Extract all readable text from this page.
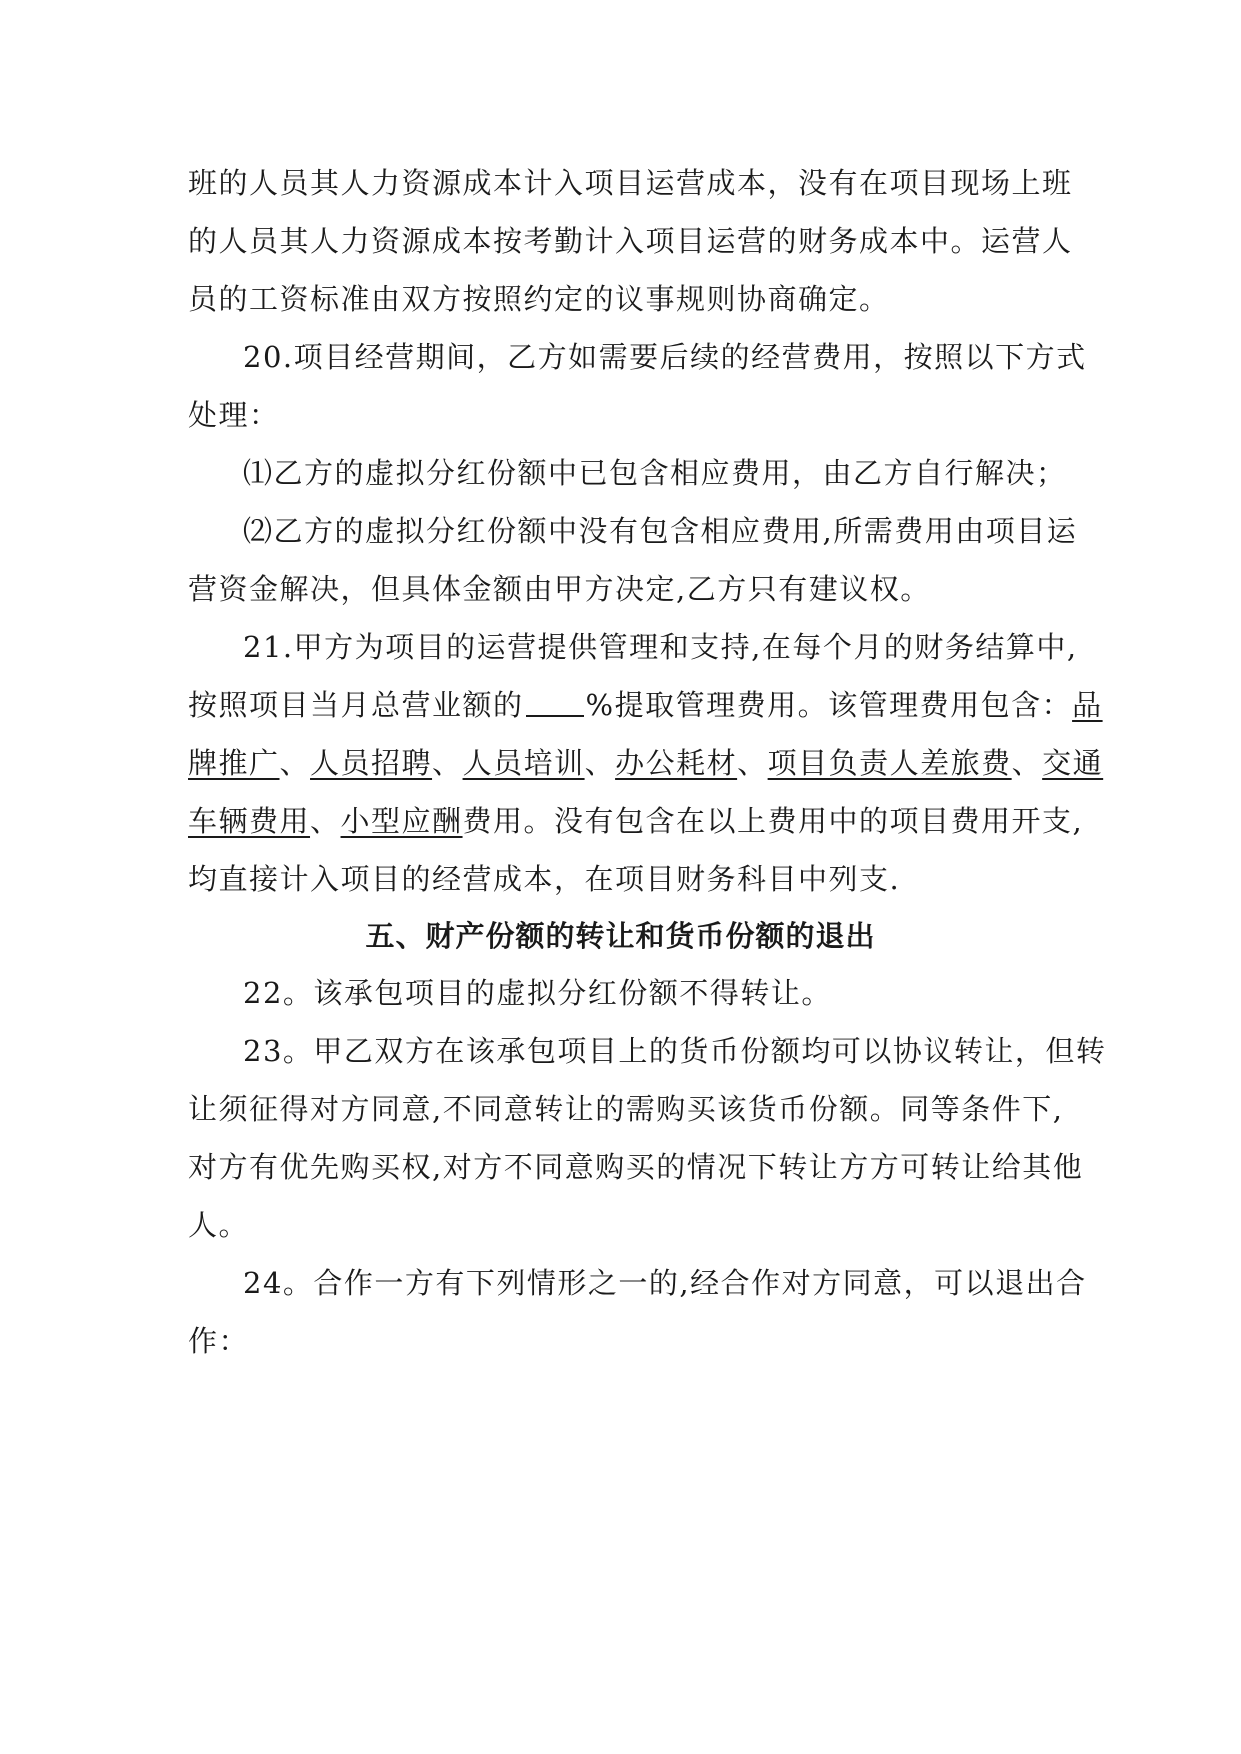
班的人员其人力资源成本计入项目运营成本，没有在项目现场上班
的人员其人力资源成本按考勤计入项目运营的财务成本中。运营人
员的工资标准由双方按照约定的议事规则协商确定。
20.项目经营期间，乙方如需要后续的经营费用，按照以下方式
处理：
⑴乙方的虚拟分红份额中已包含相应费用，由乙方自行解决；
⑵乙方的虚拟分红份额中没有包含相应费用,所需费用由项目运
营资金解决，但具体金额由甲方决定,乙方只有建议权。
21.甲方为项目的运营提供管理和支持,在每个月的财务结算中,
按照项目当月总营业额的 %提取管理费用。该管理费用包含：品
牌推广、人员招聘、人员培训、办公耗材、项目负责人差旅费、交通
车辆费用、小型应酬费用。没有包含在以上费用中的项目费用开支,
均直接计入项目的经营成本，在项目财务科目中列支.
五、财产份额的转让和货币份额的退出
22。该承包项目的虚拟分红份额不得转让。
23。甲乙双方在该承包项目上的货币份额均可以协议转让，但转
让须征得对方同意,不同意转让的需购买该货币份额。同等条件下,
对方有优先购买权,对方不同意购买的情况下转让方方可转让给其他
人。
24。合作一方有下列情形之一的,经合作对方同意，可以退出合
作：
